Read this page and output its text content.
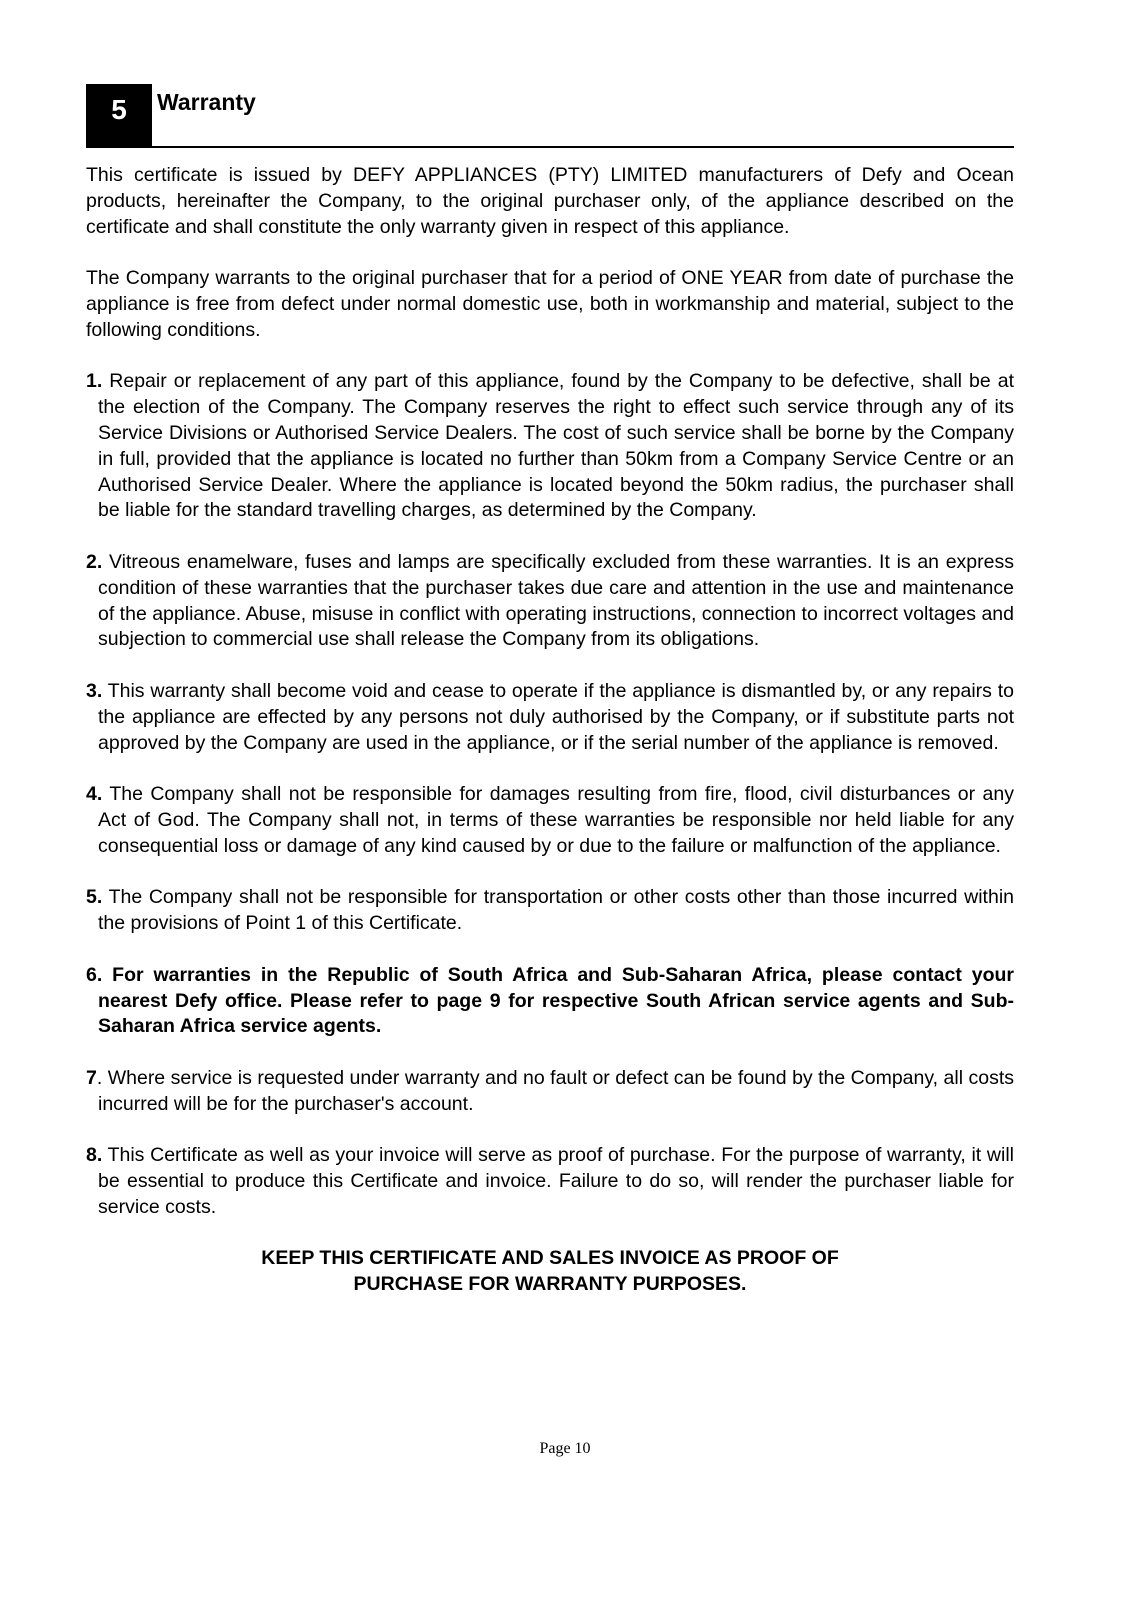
5	Warranty

This certificate is issued by DEFY APPLIANCES (PTY) LIMITED manufacturers of Defy and Ocean products, hereinafter the Company, to the original purchaser only, of the appliance described on the certificate and shall constitute the only warranty given in respect of this appliance.

The Company warrants to the original purchaser that for a period of ONE YEAR from date of purchase the appliance is free from defect under normal domestic use, both in workmanship and material, subject to the following conditions.

1. Repair or replacement of any part of this appliance, found by the Company to be defective, shall be at the election of the Company. The Company reserves the right to effect such service through any of its Service Divisions or Authorised Service Dealers. The cost of such service shall be borne by the Company in full, provided that the appliance is located no further than 50km from a Company Service Centre or an Authorised Service Dealer. Where the appliance is located beyond the 50km radius, the purchaser shall be liable for the standard travelling charges, as determined by the Company.
2. Vitreous enamelware, fuses and lamps are specifically excluded from these warranties. It is an express condition of these warranties that the purchaser takes due care and attention in the use and maintenance of the appliance. Abuse, misuse in conflict with operating instructions, connection to incorrect voltages and subjection to commercial use shall release the Company from its obligations.
3. This warranty shall become void and cease to operate if the appliance is dismantled by, or any repairs to the appliance are effected by any persons not duly authorised by the Company, or if substitute parts not approved by the Company are used in the appliance, or if the serial number of the appliance is removed.
4. The Company shall not be responsible for damages resulting from fire, flood, civil disturbances or any Act of God. The Company shall not, in terms of these warranties be responsible nor held liable for any consequential loss or damage of any kind caused by or due to the failure or malfunction of the appliance.
5. The Company shall not be responsible for transportation or other costs other than those incurred within the provisions of Point 1 of this Certificate.
6. For warranties in the Republic of South Africa and Sub-Saharan Africa, please contact your nearest Defy office. Please refer to page 9 for respective South African service agents and Sub-Saharan Africa service agents.
7. Where service is requested under warranty and no fault or defect can be found by the Company, all costs incurred will be for the purchaser's account.
8. This Certificate as well as your invoice will serve as proof of purchase. For the purpose of warranty, it will be essential to produce this Certificate and invoice. Failure to do so, will render the purchaser liable for service costs.
KEEP THIS CERTIFICATE AND SALES INVOICE AS PROOF OF
PURCHASE FOR WARRANTY PURPOSES.
Page 10
